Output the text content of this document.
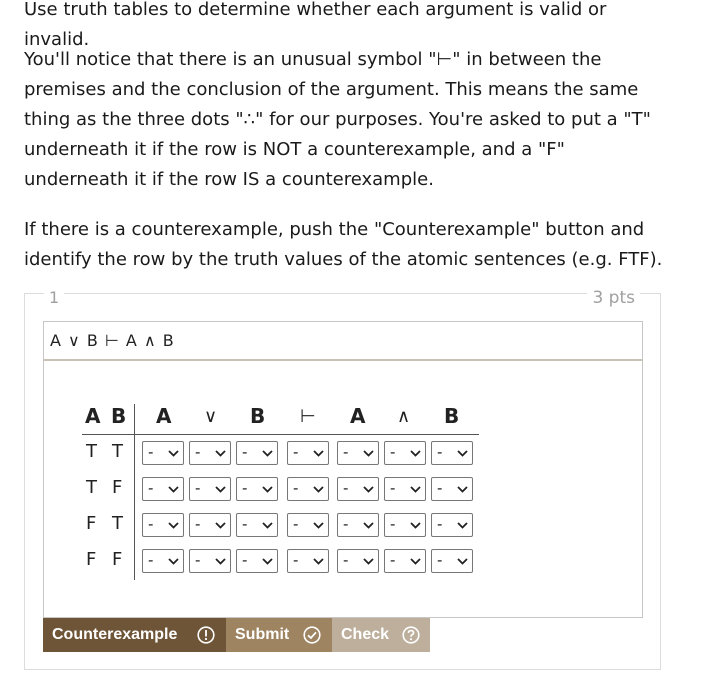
Use truth tables to determine whether each argument is valid or invalid.

You'll notice that there is an unusual symbol "⊢" in between the premises and the conclusion of the argument. This means the same thing as the three dots "∴" for our purposes. You're asked to put a "T" underneath it if the row is NOT a counterexample, and a "F" underneath it if the row IS a counterexample.

If there is a counterexample, push the "Counterexample" button and identify the row by the truth values of the atomic sentences (e.g. FTF).

1	3 pts
A ∨ B ⊢ A ∧ B
A B A ∨ B ⊢ A ∧ B
T T -	-	-	-	-	-	-
T F -	-	-	-	-	-	-
F T -	-	-	-	-	-	-
F F -	-	-	-	-	-	-
Counterexample	Submit	Check
